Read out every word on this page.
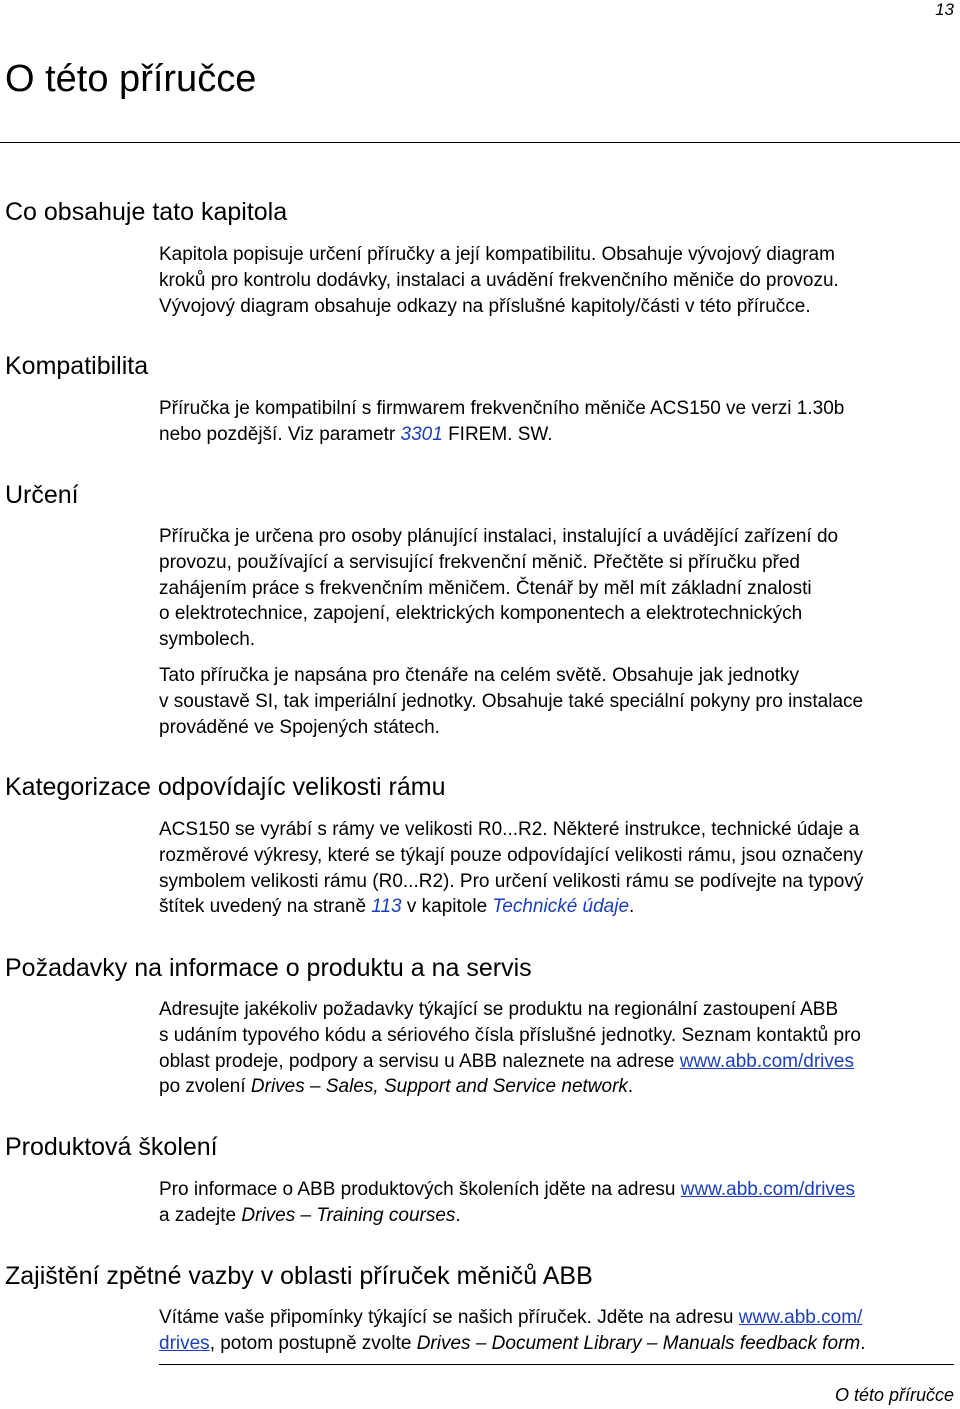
13
O této příručce
Co obsahuje tato kapitola
Kapitola popisuje určení příručky a její kompatibilitu. Obsahuje vývojový diagram
kroků pro kontrolu dodávky, instalaci a uvádění frekvenčního měniče do provozu.
Vývojový diagram obsahuje odkazy na příslušné kapitoly/části v této příručce.
Kompatibilita
Příručka je kompatibilní s firmwarem frekvenčního měniče ACS150 ve verzi 1.30b
nebo pozdější. Viz parametr 3301 FIREM. SW.
Určení
Příručka je určena pro osoby plánující instalaci, instalující a uvádějící zařízení do
provozu, používající a servisující frekvenční měnič. Přečtěte si příručku před
zahájením práce s frekvenčním měničem. Čtenář by měl mít základní znalosti
o elektrotechnice, zapojení, elektrických komponentech a elektrotechnických
symbolech.
Tato příručka je napsána pro čtenáře na celém světě. Obsahuje jak jednotky
v soustavě SI, tak imperiální jednotky. Obsahuje také speciální pokyny pro instalace
prováděné ve Spojených státech.
Kategorizace odpovídajíc velikosti rámu
ACS150 se vyrábí s rámy ve velikosti R0...R2. Některé instrukce, technické údaje a
rozměrové výkresy, které se týkají pouze odpovídající velikosti rámu, jsou označeny
symbolem velikosti rámu (R0...R2). Pro určení velikosti rámu se podívejte na typový
štítek uvedený na straně 113 v kapitole Technické údaje.
Požadavky na informace o produktu a na servis
Adresujte jakékoliv požadavky týkající se produktu na regionální zastoupení ABB
s udáním typového kódu a sériového čísla příslušné jednotky. Seznam kontaktů pro
oblast prodeje, podpory a servisu u ABB naleznete na adrese www.abb.com/drives
po zvolení Drives – Sales, Support and Service network.
Produktová školení
Pro informace o ABB produktových školeních jděte na adresu www.abb.com/drives
a zadejte Drives – Training courses.
Zajištění zpětné vazby v oblasti příruček měničů ABB
Vítáme vaše připomínky týkající se našich příruček. Jděte na adresu www.abb.com/
drives, potom postupně zvolte Drives – Document Library – Manuals feedback form.
O této příručce
